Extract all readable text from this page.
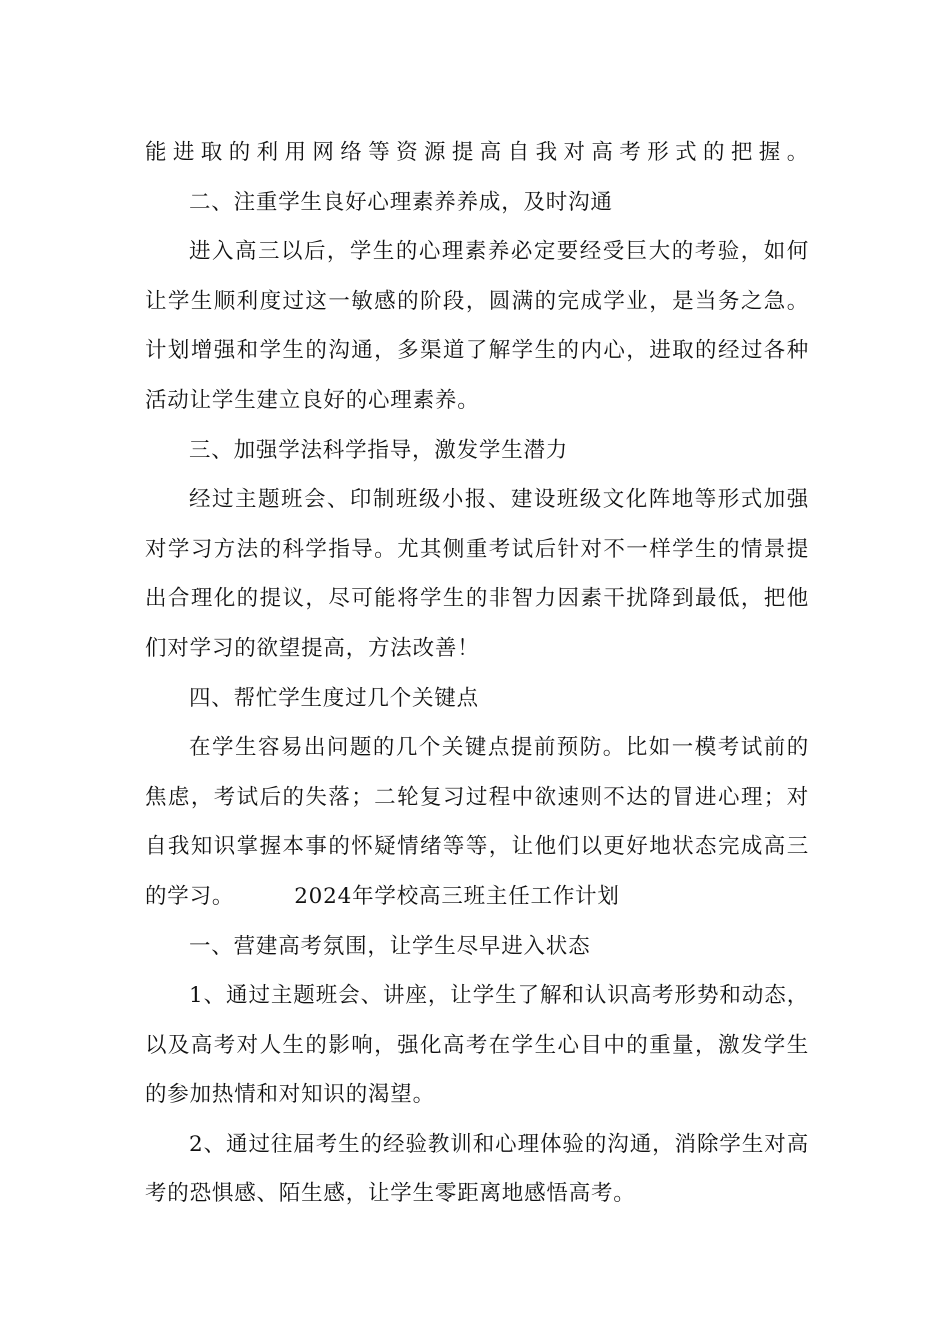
能进取的利用网络等资源提高自我对高考形式的把握。
二、注重学生良好心理素养养成，及时沟通
进入高三以后，学生的心理素养必定要经受巨大的考验，如何
让学生顺利度过这一敏感的阶段，圆满的完成学业，是当务之急。
计划增强和学生的沟通，多渠道了解学生的内心，进取的经过各种
活动让学生建立良好的心理素养。
三、加强学法科学指导，激发学生潜力
经过主题班会、印制班级小报、建设班级文化阵地等形式加强
对学习方法的科学指导。尤其侧重考试后针对不一样学生的情景提
出合理化的提议，尽可能将学生的非智力因素干扰降到最低，把他
们对学习的欲望提高，方法改善！
四、帮忙学生度过几个关键点
在学生容易出问题的几个关键点提前预防。比如一模考试前的
焦虑，考试后的失落；二轮复习过程中欲速则不达的冒进心理；对
自我知识掌握本事的怀疑情绪等等，让他们以更好地状态完成高三
的学习。	2024年学校高三班主任工作计划
一、营建高考氛围，让学生尽早进入状态
1、通过主题班会、讲座，让学生了解和认识高考形势和动态，
以及高考对人生的影响，强化高考在学生心目中的重量，激发学生
的参加热情和对知识的渴望。
2、通过往届考生的经验教训和心理体验的沟通，消除学生对高
考的恐惧感、陌生感，让学生零距离地感悟高考。
